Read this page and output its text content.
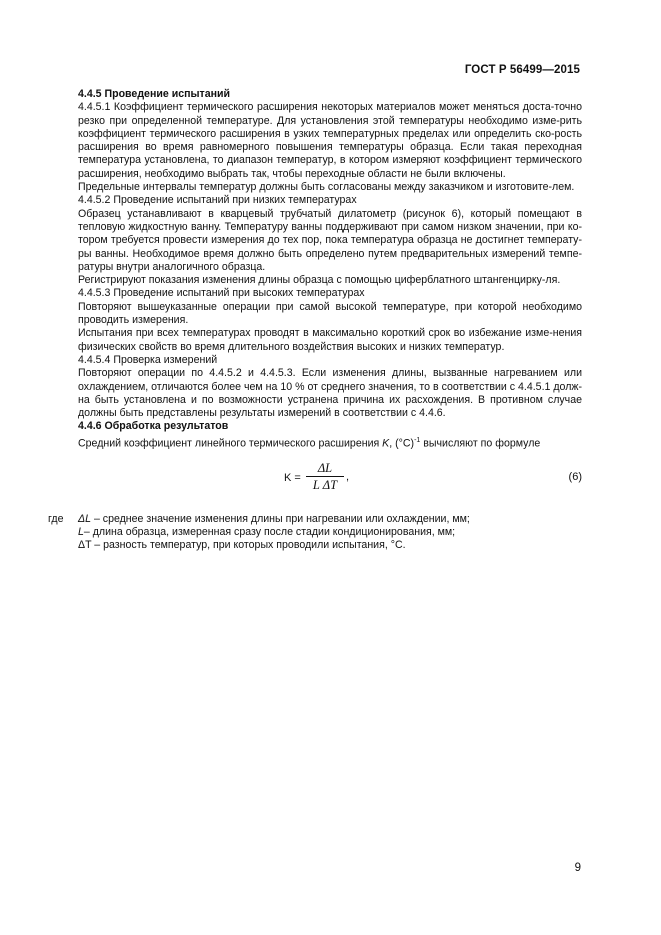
ГОСТ Р 56499—2015
4.4.5 Проведение испытаний

4.4.5.1 Коэффициент термического расширения некоторых материалов может меняться доста-точно резко при определенной температуре. Для установления этой температуры необходимо изме-рить коэффициент термического расширения в узких температурных пределах или определить ско-рость расширения во время равномерного повышения температуры образца. Если такая переходная температура установлена, то диапазон температур, в котором измеряют коэффициент термического расширения, необходимо выбрать так, чтобы переходные области не были включены.

Предельные интервалы температур должны быть согласованы между заказчиком и изготовите-лем.

4.4.5.2 Проведение испытаний при низких температурах

Образец устанавливают в кварцевый трубчатый дилатометр (рисунок 6), который помещают в тепловую жидкостную ванну. Температуру ванны поддерживают при самом низком значении, при ко-тором требуется провести измерения до тех пор, пока температура образца не достигнет температу-ры ванны. Необходимое время должно быть определено путем предварительных измерений темпе-ратуры внутри аналогичного образца.

Регистрируют показания изменения длины образца с помощью циферблатного штангенцирку-ля.

4.4.5.3 Проведение испытаний при высоких температурах

Повторяют вышеуказанные операции при самой высокой температуре, при которой необходимо проводить измерения.

Испытания при всех температурах проводят в максимально короткий срок во избежание изме-нения физических свойств во время длительного воздействия высоких и низких температур.

4.4.5.4 Проверка измерений

Повторяют операции по 4.4.5.2 и 4.4.5.3. Если изменения длины, вызванные нагреванием или охлаждением, отличаются более чем на 10 % от среднего значения, то в соответствии с 4.4.5.1 долж-на быть установлена и по возможности устранена причина их расхождения. В противном случае должны быть представлены результаты измерений в соответствии с 4.4.6.

4.4.6 Обработка результатов

Средний коэффициент линейного термического расширения K, $(^\circ С)^{-1}$ вычисляют по формуле

$K = \frac{\Delta L}{\text{L ΔT}}$ ,	(6)
где ΔL – среднее значение изменения длины при нагревании или охлаждении, мм;
L– длина образца, измеренная сразу после стадии кондиционирования, мм;
ΔT – разность температур, при которых проводили испытания, °С.
9
